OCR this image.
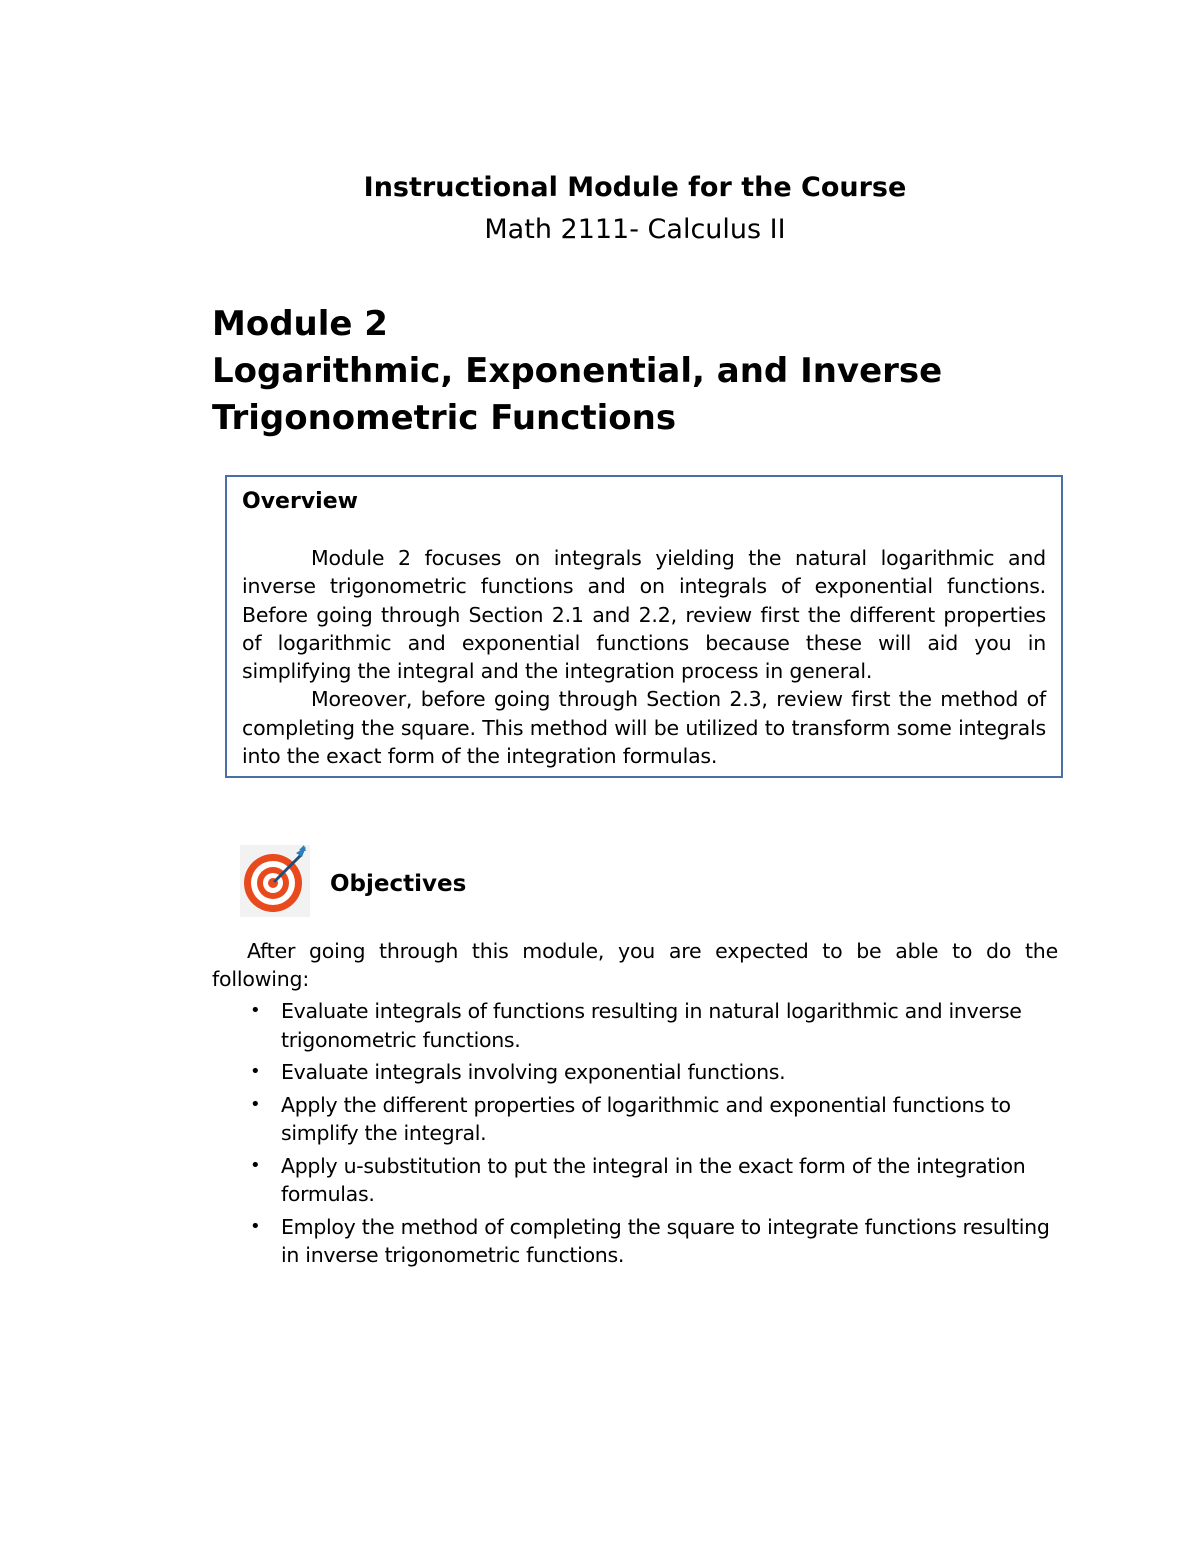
Instructional Module for the Course
Math 2111- Calculus II
Module 2
Logarithmic, Exponential, and Inverse
Trigonometric Functions
Overview

Module 2 focuses on integrals yielding the natural logarithmic and inverse trigonometric functions and on integrals of exponential functions. Before going through Section 2.1 and 2.2, review first the different properties of logarithmic and exponential functions because these will aid you in simplifying the integral and the integration process in general.

Moreover, before going through Section 2.3, review first the method of completing the square. This method will be utilized to transform some integrals into the exact form of the integration formulas.

Objectives

After going through this module, you are expected to be able to do the following:

• Evaluate integrals of functions resulting in natural logarithmic and inverse trigonometric functions.
• Evaluate integrals involving exponential functions.
• Apply the different properties of logarithmic and exponential functions to simplify the integral.
• Apply u-substitution to put the integral in the exact form of the integration formulas.
• Employ the method of completing the square to integrate functions resulting in inverse trigonometric functions.
